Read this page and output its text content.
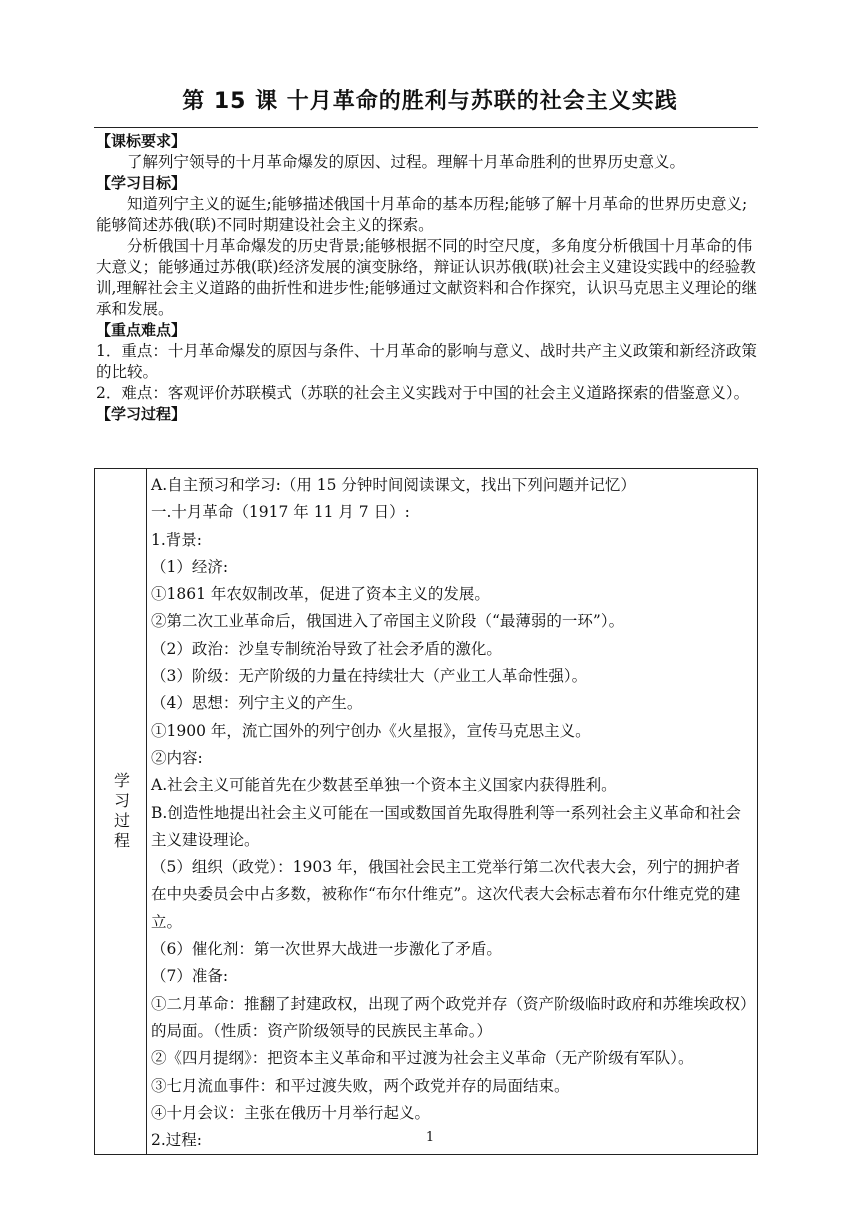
第 15 课 十月革命的胜利与苏联的社会主义实践
【课标要求】

了解列宁领导的十月革命爆发的原因、过程。理解十月革命胜利的世界历史意义。

【学习目标】

知道列宁主义的诞生;能够描述俄国十月革命的基本历程;能够了解十月革命的世界历史意义;能够简述苏俄(联)不同时期建设社会主义的探索。

分析俄国十月革命爆发的历史背景;能够根据不同的时空尺度，多角度分析俄国十月革命的伟大意义；能够通过苏俄(联)经济发展的演变脉络，辩证认识苏俄(联)社会主义建设实践中的经验教训,理解社会主义道路的曲折性和进步性;能够通过文献资料和合作探究，认识马克思主义理论的继承和发展。

【重点难点】

1．重点：十月革命爆发的原因与条件、十月革命的影响与意义、战时共产主义政策和新经济政策的比较。

2．难点：客观评价苏联模式（苏联的社会主义实践对于中国的社会主义道路探索的借鉴意义）。

【学习过程】
学习过程

A.自主预习和学习:（用 15 分钟时间阅读课文，找出下列问题并记忆）

一.十月革命（1917 年 11 月 7 日）:

1.背景:

（1）经济:

①1861 年农奴制改革，促进了资本主义的发展。

②第二次工业革命后，俄国进入了帝国主义阶段（“最薄弱的一环”）。

（2）政治：沙皇专制统治导致了社会矛盾的激化。

（3）阶级：无产阶级的力量在持续壮大（产业工人革命性强）。

（4）思想：列宁主义的产生。

①1900 年，流亡国外的列宁创办《火星报》，宣传马克思主义。

②内容:

A.社会主义可能首先在少数甚至单独一个资本主义国家内获得胜利。

B.创造性地提出社会主义可能在一国或数国首先取得胜利等一系列社会主义革命和社会主义建设理论。

（5）组织（政党）：1903 年，俄国社会民主工党举行第二次代表大会，列宁的拥护者在中央委员会中占多数，被称作“布尔什维克”。这次代表大会标志着布尔什维克党的建立。

（6）催化剂：第一次世界大战进一步激化了矛盾。

（7）准备:

①二月革命：推翻了封建政权，出现了两个政党并存（资产阶级临时政府和苏维埃政权）的局面。（性质：资产阶级领导的民族民主革命。）

②《四月提纲》：把资本主义革命和平过渡为社会主义革命（无产阶级有军队）。

③七月流血事件：和平过渡失败，两个政党并存的局面结束。

④十月会议：主张在俄历十月举行起义。

2.过程:	1
